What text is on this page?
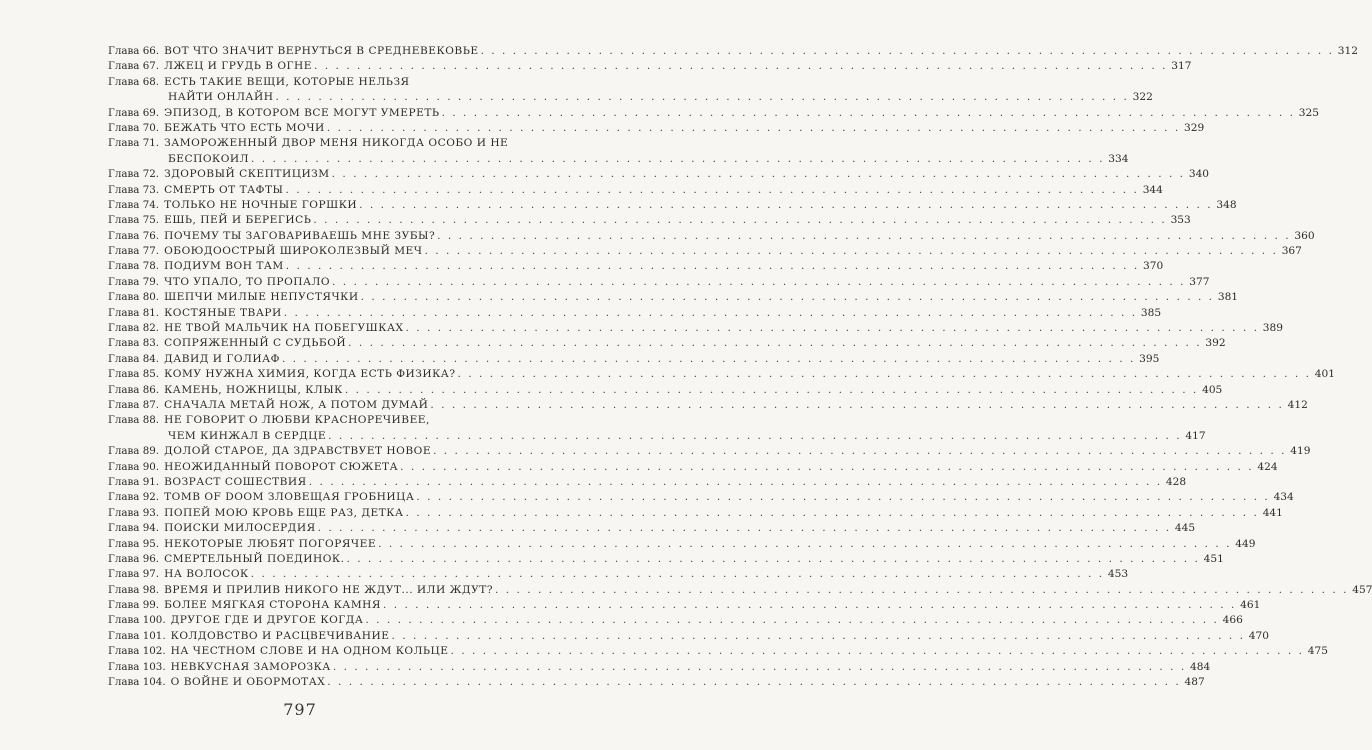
Глава 66. ВОТ ЧТО ЗНАЧИТ ВЕРНУТЬСЯ В СРЕДНЕВЕКОВЬЕ . . .	312
Глава 67. ЛЖЕЦ И ГРУДЬ В ОГНЕ . . .	317
Глава 68. ЕСТЬ ТАКИЕ ВЕЩИ, КОТОРЫЕ НЕЛЬЗЯ
НАЙТИ ОНЛАЙН . . .	322
Глава 69. ЭПИЗОД, В КОТОРОМ ВСЕ МОГУТ УМЕРЕТЬ . . .	325
Глава 70. БЕЖАТЬ ЧТО ЕСТЬ МОЧИ . . .	329
Глава 71. ЗАМОРОЖЕННЫЙ ДВОР МЕНЯ НИКОГДА ОСОБО И НЕ
БЕСПОКОИЛ . . .	334
Глава 72. ЗДОРОВЫЙ СКЕПТИЦИЗМ . . .	340
Глава 73. СМЕРТЬ ОТ ТАФТЫ . . .	344
Глава 74. ТОЛЬКО НЕ НОЧНЫЕ ГОРШКИ . . .	348
Глава 75. ЕШЬ, ПЕЙ И БЕРЕГИСЬ . . .	353
Глава 76. ПОЧЕМУ ТЫ ЗАГОВАРИВАЕШЬ МНЕ ЗУБЫ? . . .	360
Глава 77. ОБОЮДООСТРЫЙ ШИРОКОЛЕЗВЫЙ МЕЧ . . .	367
Глава 78. ПОДИУМ ВОН ТАМ . . .	370
Глава 79. ЧТО УПАЛО, ТО ПРОПАЛО . . .	377
Глава 80. ШЕПЧИ МИЛЫЕ НЕПУСТЯЧКИ . . .	381
Глава 81. КОСТЯНЫЕ ТВАРИ . . .	385
Глава 82. НЕ ТВОЙ МАЛЬЧИК НА ПОБЕГУШКАХ . . .	389
Глава 83. СОПРЯЖЕННЫЙ С СУДЬБОЙ . . .	392
Глава 84. ДАВИД И ГОЛИАФ . . .	395
Глава 85. КОМУ НУЖНА ХИМИЯ, КОГДА ЕСТЬ ФИЗИКА? . . .	401
Глава 86. КАМЕНЬ, НОЖНИЦЫ, КЛЫК . . .	405
Глава 87. СНАЧАЛА МЕТАЙ НОЖ, А ПОТОМ ДУМАЙ . . .	412
Глава 88. НЕ ГОВОРИТ О ЛЮБВИ КРАСНОРЕЧИВЕЕ,
ЧЕМ КИНЖАЛ В СЕРДЦЕ . . .	417
Глава 89. ДОЛОЙ СТАРОЕ, ДА ЗДРАВСТВУЕТ НОВОЕ . . .	419
Глава 90. НЕОЖИДАННЫЙ ПОВОРОТ СЮЖЕТА . . .	424
Глава 91. ВОЗРАСТ СОШЕСТВИЯ . . .	428
Глава 92. TOMB OF DOOM ЗЛОВЕЩАЯ ГРОБНИЦА . . .	434
Глава 93. ПОПЕЙ МОЮ КРОВЬ ЕЩЕ РАЗ, ДЕТКА . . .	441
Глава 94. ПОИСКИ МИЛОСЕРДИЯ . . .	445
Глава 95. НЕКОТОРЫЕ ЛЮБЯТ ПОГОРЯЧЕЕ . . .	449
Глава 96. СМЕРТЕЛЬНЫЙ ПОЕДИНОК. . . .	451
Глава 97. НА ВОЛОСОК . . .	453
Глава 98. ВРЕМЯ И ПРИЛИВ НИКОГО НЕ ЖДУТ... ИЛИ ЖДУТ? . . .	457
Глава 99. БОЛЕЕ МЯГКАЯ СТОРОНА КАМНЯ . . .	461
Глава 100. ДРУГОЕ ГДЕ И ДРУГОЕ КОГДА . . .	466
Глава 101. КОЛДОВСТВО И РАСЦВЕЧИВАНИЕ . . .	470
Глава 102. НА ЧЕСТНОМ СЛОВЕ И НА ОДНОМ КОЛЬЦЕ . . .	475
Глава 103. НЕВКУСНАЯ ЗАМОРОЗКА . . .	484
Глава 104. О ВОЙНЕ И ОБОРМОТАХ . . .	487
797
